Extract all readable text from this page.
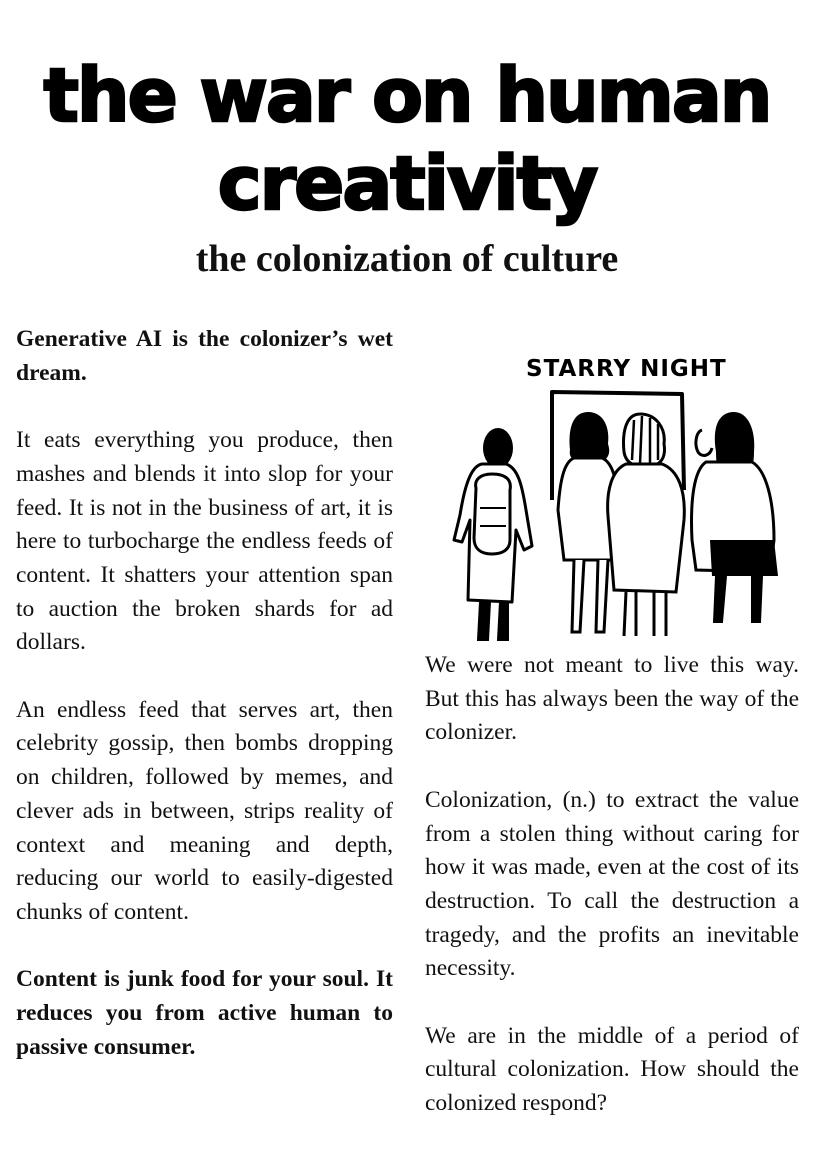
the war on human
creativity
the colonization of culture

Generative AI is the colonizer’s wet dream.

It eats everything you produce, then mashes and blends it into slop for your feed. It is not in the business of art, it is here to turbocharge the endless feeds of content. It shatters your attention span to auction the broken shards for ad dollars.

An endless feed that serves art, then celebrity gossip, then bombs dropping on children, followed by memes, and clever ads in between, strips reality of context and meaning and depth, reducing our world to easily-digested chunks of content.

Content is junk food for your soul. It reduces you from active human to passive consumer.

STARRY NIGHT

We were not meant to live this way. But this has always been the way of the colonizer.

Colonization, (n.) to extract the value from a stolen thing without caring for how it was made, even at the cost of its destruction. To call the destruction a tragedy, and the profits an inevitable necessity.

We are in the middle of a period of cultural colonization. How should the colonized respond?
